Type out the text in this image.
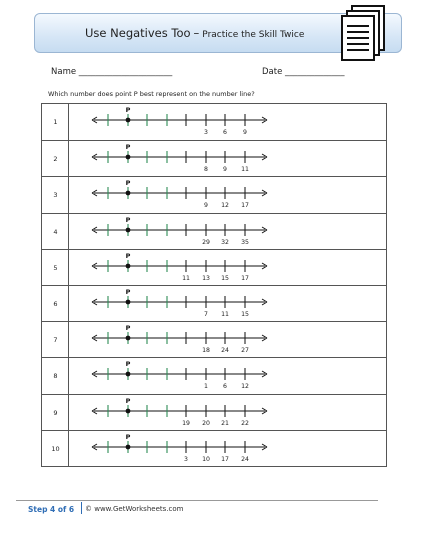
Use Negatives Too – Practice the Skill Twice
Name ______________________	Date ______________
Which number does point P best represent on the number line?
1
3 6	9
P
2
8 9 11
P
3
9 12 17
P
4
29 32 35
P
5
11 13 15 17
P
6
7 11 15
P
7
18 24 27
P
8
1 6 12
P
9
19 20 21 22
P
10
3 10 17 24
P
Step 4 of 6 © www.GetWorksheets.com
